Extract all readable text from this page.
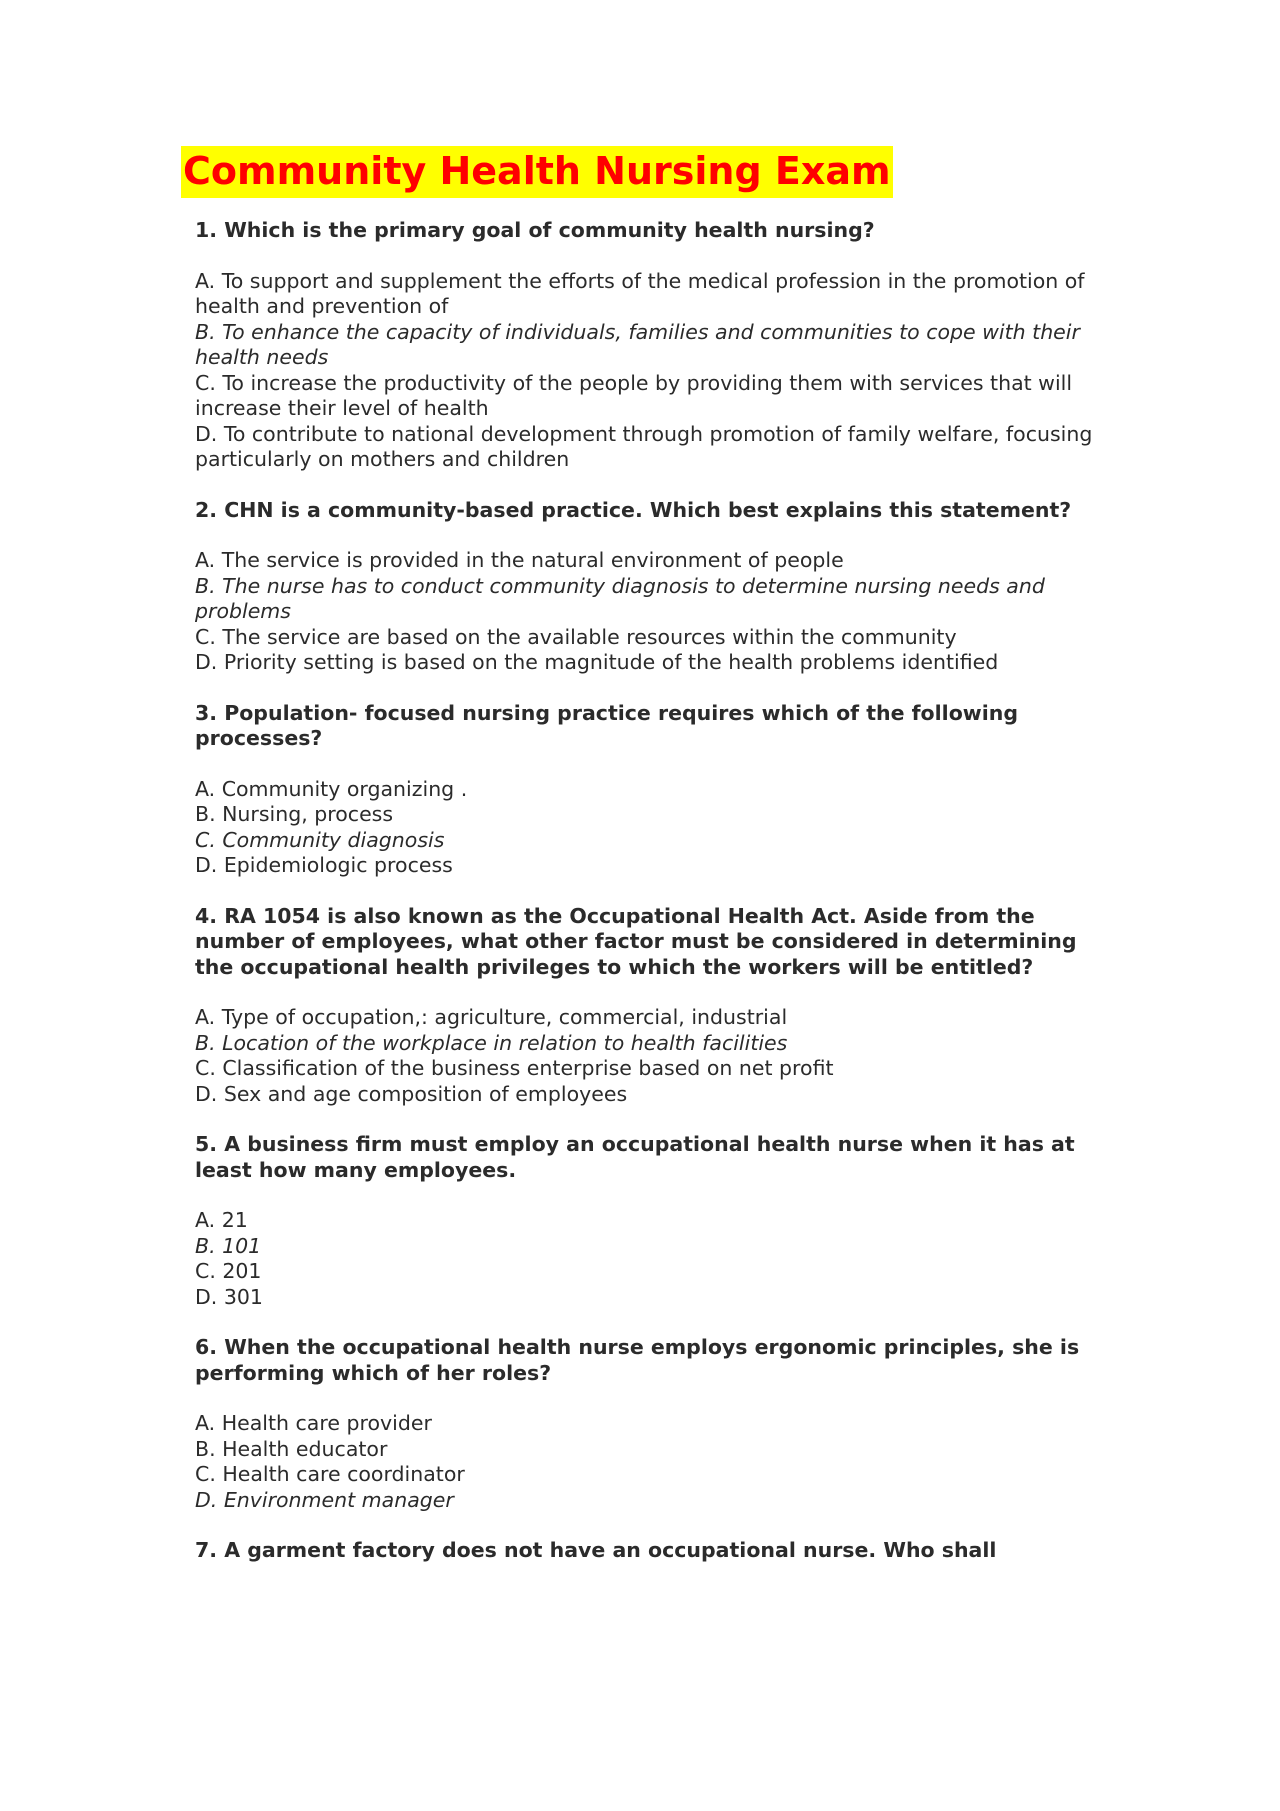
Community Health Nursing Exam

1. Which is the primary goal of community health nursing?

A. To support and supplement the efforts of the medical profession in the promotion of health and prevention of
B. To enhance the capacity of individuals, families and communities to cope with their health needs
C. To increase the productivity of the people by providing them with services that will increase their level of health
D. To contribute to national development through promotion of family welfare, focusing particularly on mothers and children

2. CHN is a community-based practice. Which best explains this statement?

A. The service is provided in the natural environment of people
B. The nurse has to conduct community diagnosis to determine nursing needs and problems
C. The service are based on the available resources within the community
D. Priority setting is based on the magnitude of the health problems identified

3. Population- focused nursing practice requires which of the following processes?

A. Community organizing .
B. Nursing, process
C. Community diagnosis
D. Epidemiologic process

4. RA 1054 is also known as the Occupational Health Act. Aside from the number of employees, what other factor must be considered in determining the occupational health privileges to which the workers will be entitled?

A. Type of occupation,: agriculture, commercial, industrial
B. Location of the workplace in relation to health facilities
C. Classification of the business enterprise based on net profit
D. Sex and age composition of employees

5. A business firm must employ an occupational health nurse when it has at least how many employees.

A. 21
B. 101
C. 201
D. 301

6. When the occupational health nurse employs ergonomic principles, she is performing which of her roles?

A. Health care provider
B. Health educator
C. Health care coordinator
D. Environment manager

7. A garment factory does not have an occupational nurse. Who shall
